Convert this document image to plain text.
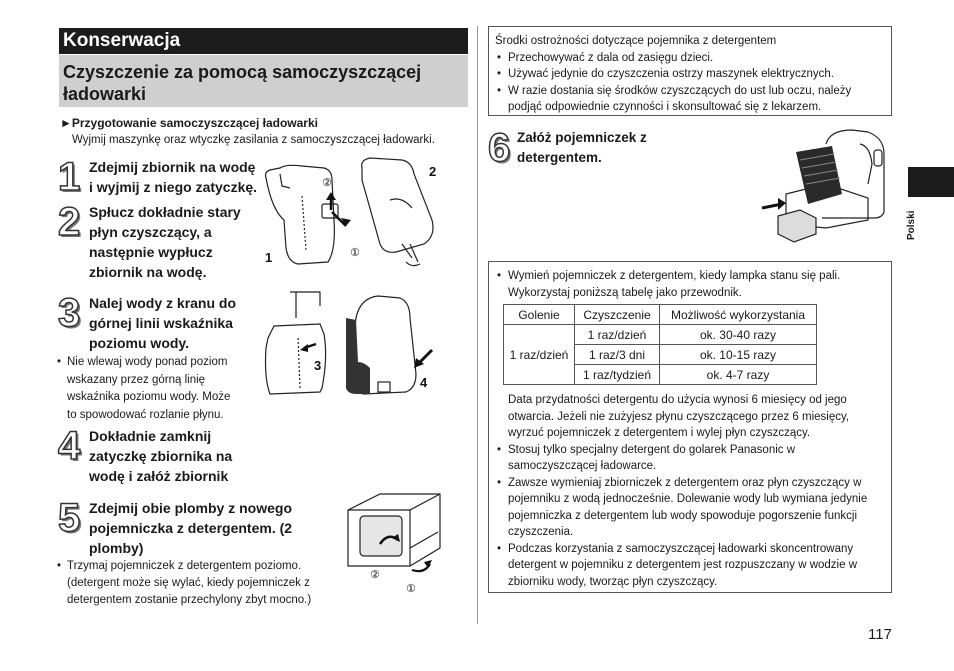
Konserwacja
Czyszczenie za pomocą samoczyszczącej ładowarki
►Przygotowanie samoczyszczącej ładowarki
Wyjmij maszynkę oraz wtyczkę zasilania z samoczyszczącej ładowarki.
1 Zdejmij zbiornik na wodę
i wyjmij z niego zatyczkę.
2 Spłucz dokładnie stary
płyn czyszczący, a
następnie wypłucz
zbiornik na wodę.
3 Nalej wody z kranu do
górnej linii wskaźnika
poziomu wody.
• Nie wlewaj wody ponad poziom
wskazany przez górną linię
wskaźnika poziomu wody. Może
to spowodować rozlanie płynu.
4 Dokładnie zamknij
zatyczkę zbiornika na
wodę i załóż zbiornik
5 Zdejmij obie plomby z nowego
pojemniczka z detergentem. (2
plomby)
• Trzymaj pojemniczek z detergentem poziomo.
(detergent może się wylać, kiedy pojemniczek z
detergentem zostanie przechylony zbyt mocno.)
1
2
②
①
3
4
②
①
Środki ostrożności dotyczące pojemnika z detergentem
• Przechowywać z dala od zasięgu dzieci.
• Używać jedynie do czyszczenia ostrzy maszynek elektrycznych.
• W razie dostania się środków czyszczących do ust lub oczu, należy podjąć odpowiednie czynności i skonsultować się z lekarzem.
6 Załóż pojemniczek z
detergentem.
• Wymień pojemniczek z detergentem, kiedy lampka stanu się pali. Wykorzystaj poniższą tabelę jako przewodnik.
Golenie	Czyszczenie	Możliwość wykorzystania
1 raz/dzień	1 raz/dzień	ok. 30-40 razy
	1 raz/3 dni	ok. 10-15 razy
	1 raz/tydzień	ok. 4-7 razy
Data przydatności detergentu do użycia wynosi 6 miesięcy od jego otwarcia. Jeżeli nie zużyjesz płynu czyszczącego przez 6 miesięcy, wyrzuć pojemniczek z detergentem i wylej płyn czyszczący.
• Stosuj tylko specjalny detergent do golarek Panasonic w samoczyszczącej ładowarce.
• Zawsze wymieniaj zbiorniczek z detergentem oraz płyn czyszczący w pojemniku z wodą jednocześnie. Dolewanie wody lub wymiana jedynie pojemniczka z detergentem lub wody spowoduje pogorszenie funkcji czyszczenia.
• Podczas korzystania z samoczyszczącej ładowarki skoncentrowany detergent w pojemniku z detergentem jest rozpuszczany w wodzie w zbiorniku wody, tworząc płyn czyszczący.
Polski
117
